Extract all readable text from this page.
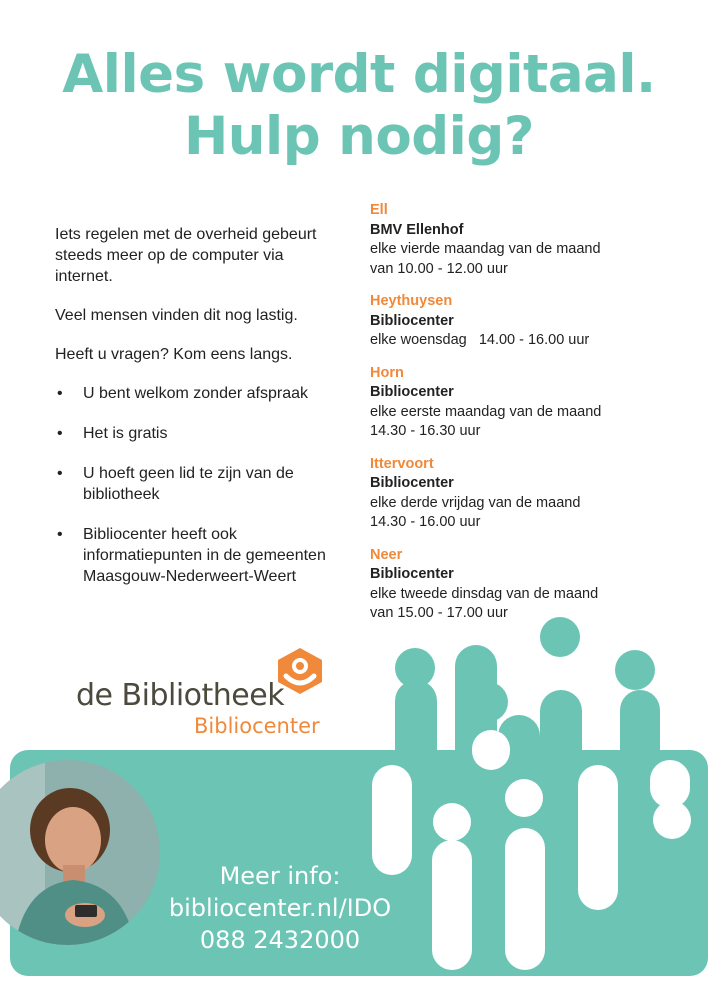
Alles wordt digitaal.
Hulp nodig?

Iets regelen met de overheid gebeurt steeds meer op de computer via internet.

Veel mensen vinden dit nog lastig.

Heeft u vragen? Kom eens langs.

• U bent welkom zonder afspraak
• Het is gratis
• U hoeft geen lid te zijn van de bibliotheek
• Bibliocenter heeft ook informatiepunten in de gemeenten Maasgouw-Nederweert-Weert
Ell
BMV Ellenhof
elke vierde maandag van de maand
van 10.00 - 12.00 uur
Heythuysen
Bibliocenter
elke woensdag   14.00 - 16.00 uur
Horn
Bibliocenter
elke eerste maandag van de maand
14.30 - 16.30 uur
Ittervoort
Bibliocenter
elke derde vrijdag van de maand
14.30 - 16.00 uur
Neer
Bibliocenter
elke tweede dinsdag van de maand
van 15.00 - 17.00 uur
de Bibliotheek
Bibliocenter
Meer info:
bibliocenter.nl/IDO
088 2432000
